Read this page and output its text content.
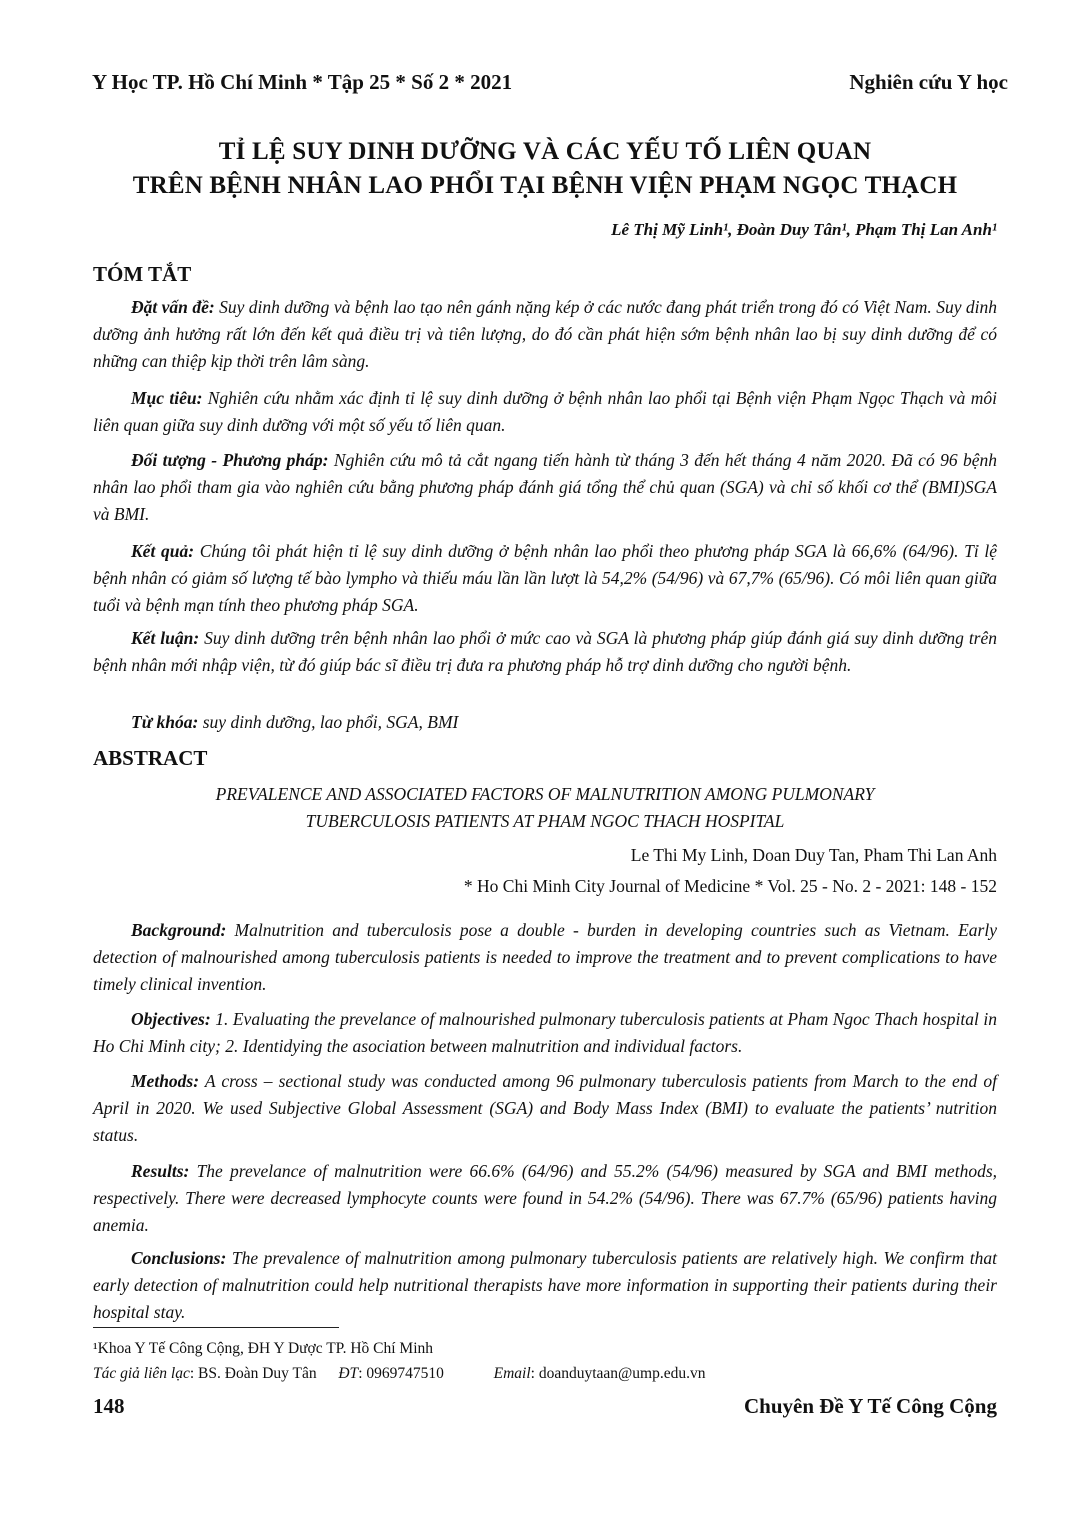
Y Học TP. Hồ Chí Minh * Tập 25 * Số 2 * 2021	Nghiên cứu Y học
TỈ LỆ SUY DINH DƯỠNG VÀ CÁC YẾU TỐ LIÊN QUAN
TRÊN BỆNH NHÂN LAO PHỔI TẠI BỆNH VIỆN PHẠM NGỌC THẠCH
Lê Thị Mỹ Linh¹, Đoàn Duy Tân¹, Phạm Thị Lan Anh¹
TÓM TẮT

Đặt vấn đề: Suy dinh dưỡng và bệnh lao tạo nên gánh nặng kép ở các nước đang phát triển trong đó có Việt Nam. Suy dinh dưỡng ảnh hưởng rất lớn đến kết quả điều trị và tiên lượng, do đó cần phát hiện sớm bệnh nhân lao bị suy dinh dưỡng để có những can thiệp kịp thời trên lâm sàng.

Mục tiêu: Nghiên cứu nhằm xác định tỉ lệ suy dinh dưỡng ở bệnh nhân lao phổi tại Bệnh viện Phạm Ngọc Thạch và môi liên quan giữa suy dinh dưỡng với một số yếu tố liên quan.

Đối tượng - Phương pháp: Nghiên cứu mô tả cắt ngang tiến hành từ tháng 3 đến hết tháng 4 năm 2020. Đã có 96 bệnh nhân lao phổi tham gia vào nghiên cứu bằng phương pháp đánh giá tổng thể chủ quan (SGA) và chỉ số khối cơ thể (BMI)SGA và BMI.

Kết quả: Chúng tôi phát hiện tỉ lệ suy dinh dưỡng ở bệnh nhân lao phổi theo phương pháp SGA là 66,6% (64/96). Tỉ lệ bệnh nhân có giảm số lượng tế bào lympho và thiếu máu lần lần lượt là 54,2% (54/96) và 67,7% (65/96). Có môi liên quan giữa tuổi và bệnh mạn tính theo phương pháp SGA.

Kết luận: Suy dinh dưỡng trên bệnh nhân lao phổi ở mức cao và SGA là phương pháp giúp đánh giá suy dinh dưỡng trên bệnh nhân mới nhập viện, từ đó giúp bác sĩ điều trị đưa ra phương pháp hỗ trợ dinh dưỡng cho người bệnh.

Từ khóa: suy dinh dưỡng, lao phổi, SGA, BMI
ABSTRACT
PREVALENCE AND ASSOCIATED FACTORS OF MALNUTRITION AMONG PULMONARY
TUBERCULOSIS PATIENTS AT PHAM NGOC THACH HOSPITAL
Le Thi My Linh, Doan Duy Tan, Pham Thi Lan Anh
* Ho Chi Minh City Journal of Medicine * Vol. 25 - No. 2 - 2021: 148 - 152

Background: Malnutrition and tuberculosis pose a double - burden in developing countries such as Vietnam. Early detection of malnourished among tuberculosis patients is needed to improve the treatment and to prevent complications to have timely clinical invention.

Objectives: 1. Evaluating the prevelance of malnourished pulmonary tuberculosis patients at Pham Ngoc Thach hospital in Ho Chi Minh city; 2. Identidying the asociation between malnutrition and individual factors.

Methods: A cross – sectional study was conducted among 96 pulmonary tuberculosis patients from March to the end of April in 2020. We used Subjective Global Assessment (SGA) and Body Mass Index (BMI) to evaluate the patients’ nutrition status.

Results: The prevelance of malnutrition were 66.6% (64/96) and 55.2% (54/96) measured by SGA and BMI methods, respectively. There were decreased lymphocyte counts were found in 54.2% (54/96). There was 67.7% (65/96) patients having anemia.

Conclusions: The prevalence of malnutrition among pulmonary tuberculosis patients are relatively high. We confirm that early detection of malnutrition could help nutritional therapists have more information in supporting their patients during their hospital stay.

¹Khoa Y Tế Công Cộng, ĐH Y Dược TP. Hồ Chí Minh
Tác giả liên lạc: BS. Đoàn Duy Tân ĐT: 0969747510	Email: doanduytaan@ump.edu.vn
148	Chuyên Đề Y Tế Công Cộng
